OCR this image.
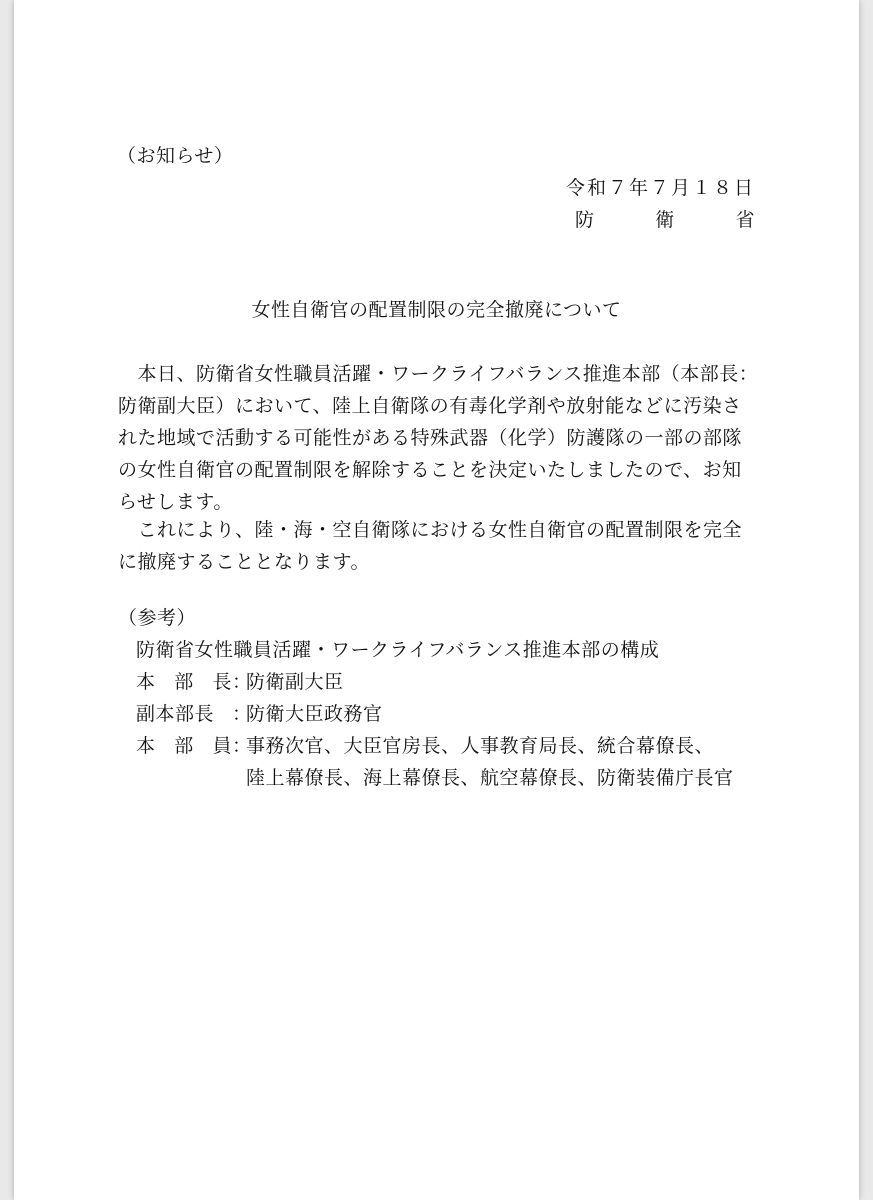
（お知らせ）
令和７年７月１８日
防	衛	省
女性自衛官の配置制限の完全撤廃について
　本日、防衛省女性職員活躍・ワークライフバランス推進本部（本部長：
防衛副大臣）において、陸上自衛隊の有毒化学剤や放射能などに汚染さ
れた地域で活動する可能性がある特殊武器（化学）防護隊の一部の部隊
の女性自衛官の配置制限を解除することを決定いたしましたので、お知
らせします。
　これにより、陸・海・空自衛隊における女性自衛官の配置制限を完全
に撤廃することとなります。
（参考）
防衛省女性職員活躍・ワークライフバランス推進本部の構成
本 部 長 ：
防衛副大臣
副本部長 ：
防衛大臣政務官
本 部 員 ：
事務次官、大臣官房長、人事教育局長、統合幕僚長、
陸上幕僚長、海上幕僚長、航空幕僚長、防衛装備庁長官
